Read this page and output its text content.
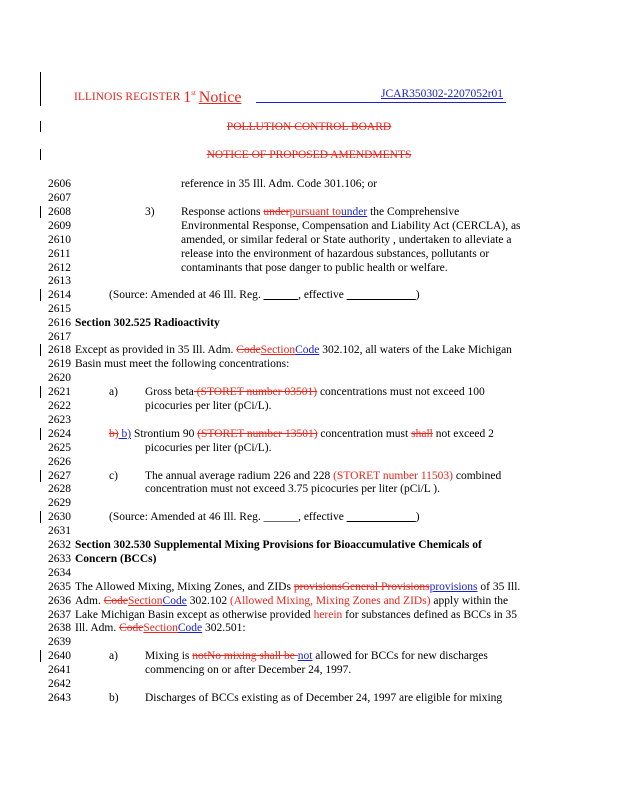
ILLINOIS REGISTER 1st Notice	JCAR350302-2207052r01
POLLUTION CONTROL BOARD
NOTICE OF PROPOSED AMENDMENTS
2606
2607
2608
2609
2610
2611
2612
2613
2614
2615
2616
2617
2618
2619
2620
2621
2622
2623
2624
2625
2626
2627
2628
2629
2630
2631
2632
2633
2634
2635
2636
2637
2638
2639
2640
2641
2642
2643
reference in 35 Ill. Adm. Code 301.106; or
3) Response actions underpursuant tounder the Comprehensive
Environmental Response, Compensation and Liability Act (CERCLA), as
amended, or similar federal or State authority , undertaken to alleviate a
release into the environment of hazardous substances, pollutants or
contaminants that pose danger to public health or welfare.
(Source: Amended at 46 Ill. Reg. ______, effective ____________)
Section 302.525 Radioactivity
Except as provided in 35 Ill. Adm. CodeSectionCode 302.102, all waters of the Lake Michigan
Basin must meet the following concentrations:
a) Gross beta (STORET number 03501) concentrations must not exceed 100
picocuries per liter (pCi/L).
b) b) Strontium 90 (STORET number 13501) concentration must shall not exceed 2
picocuries per liter (pCi/L).
c) The annual average radium 226 and 228 (STORET number 11503) combined
concentration must not exceed 3.75 picocuries per liter (pCi/L ).
(Source: Amended at 46 Ill. Reg. ______, effective ____________)
Section 302.530 Supplemental Mixing Provisions for Bioaccumulative Chemicals of
Concern (BCCs)
The Allowed Mixing, Mixing Zones, and ZIDs provisionsGeneral Provisionsprovisions of 35 Ill.
Adm. CodeSectionCode 302.102 (Allowed Mixing, Mixing Zones and ZIDs) apply within the
Lake Michigan Basin except as otherwise provided herein for substances defined as BCCs in 35
Ill. Adm. CodeSectionCode 302.501:
a) Mixing is notNo mixing shall be not allowed for BCCs for new discharges
commencing on or after December 24, 1997.
b) Discharges of BCCs existing as of December 24, 1997 are eligible for mixing
